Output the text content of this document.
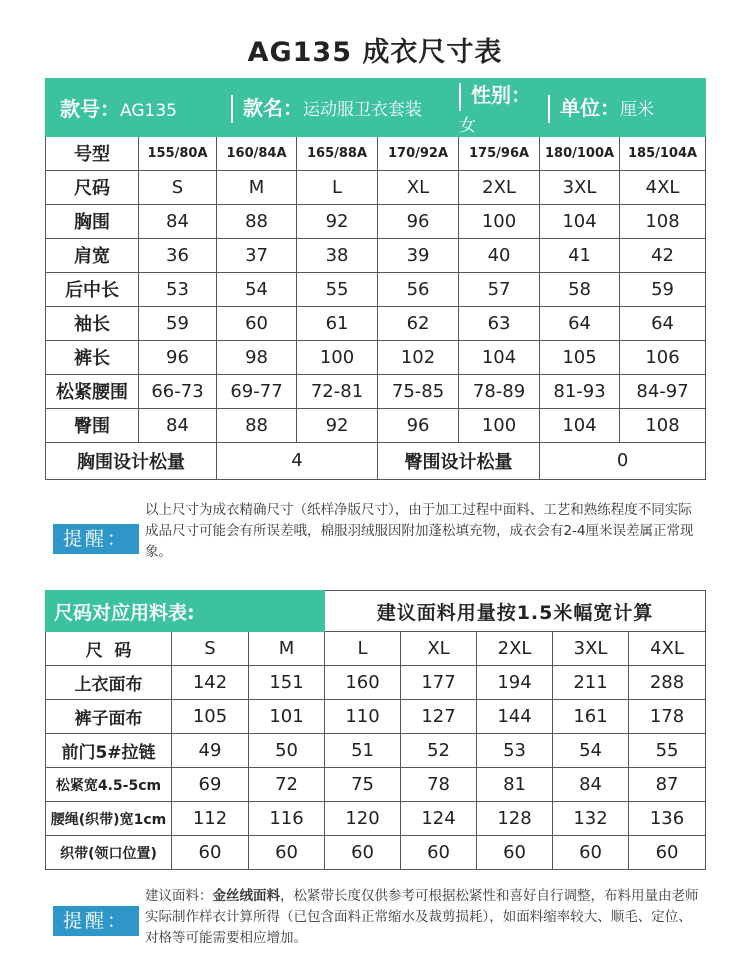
AG135 成衣尺寸表
款号：AG135		款名：运动服卫衣套装			性别：女	单位：厘米	
号型	155/80A	160/84A	165/88A	170/92A	175/96A	180/100A	185/104A
尺码	S	M	L	XL	2XL	3XL	4XL
胸围	84	88	92	96	100	104	108
肩宽	36	37	38	39	40	41	42
后中长	53	54	55	56	57	58	59
袖长	59	60	61	62	63	64	64
裤长	96	98	100	102	104	105	106
松紧腰围	66-73	69-77	72-81	75-85	78-89	81-93	84-97
臀围	84	88	92	96	100	104	108
胸围设计松量		4		臀围设计松量		0	
提醒：
以上尺寸为成衣精确尺寸（纸样净版尺寸），由于加工过程中面料、工艺和熟练程度不同实际成品尺寸可能会有所误差哦，棉服羽绒服因附加蓬松填充物，成衣会有2-4厘米误差属正常现象。
尺码对应用料表:			建议面料用量按1.5米幅宽计算				
尺  码	S	M	L	XL	2XL	3XL	4XL
上衣面布	142	151	160	177	194	211	288
裤子面布	105	101	110	127	144	161	178
前门5#拉链	49	50	51	52	53	54	55
松紧宽4.5-5cm	69	72	75	78	81	84	87
腰绳(织带)宽1cm	112	116	120	124	128	132	136
织带(领口位置)	60	60	60	60	60	60	60
提醒：
建议面料：金丝绒面料，松紧带长度仅供参考可根据松紧性和喜好自行调整，布料用量由老师实际制作样衣计算所得（已包含面料正常缩水及裁剪损耗），如面料缩率较大、顺毛、定位、对格等可能需要相应增加。
